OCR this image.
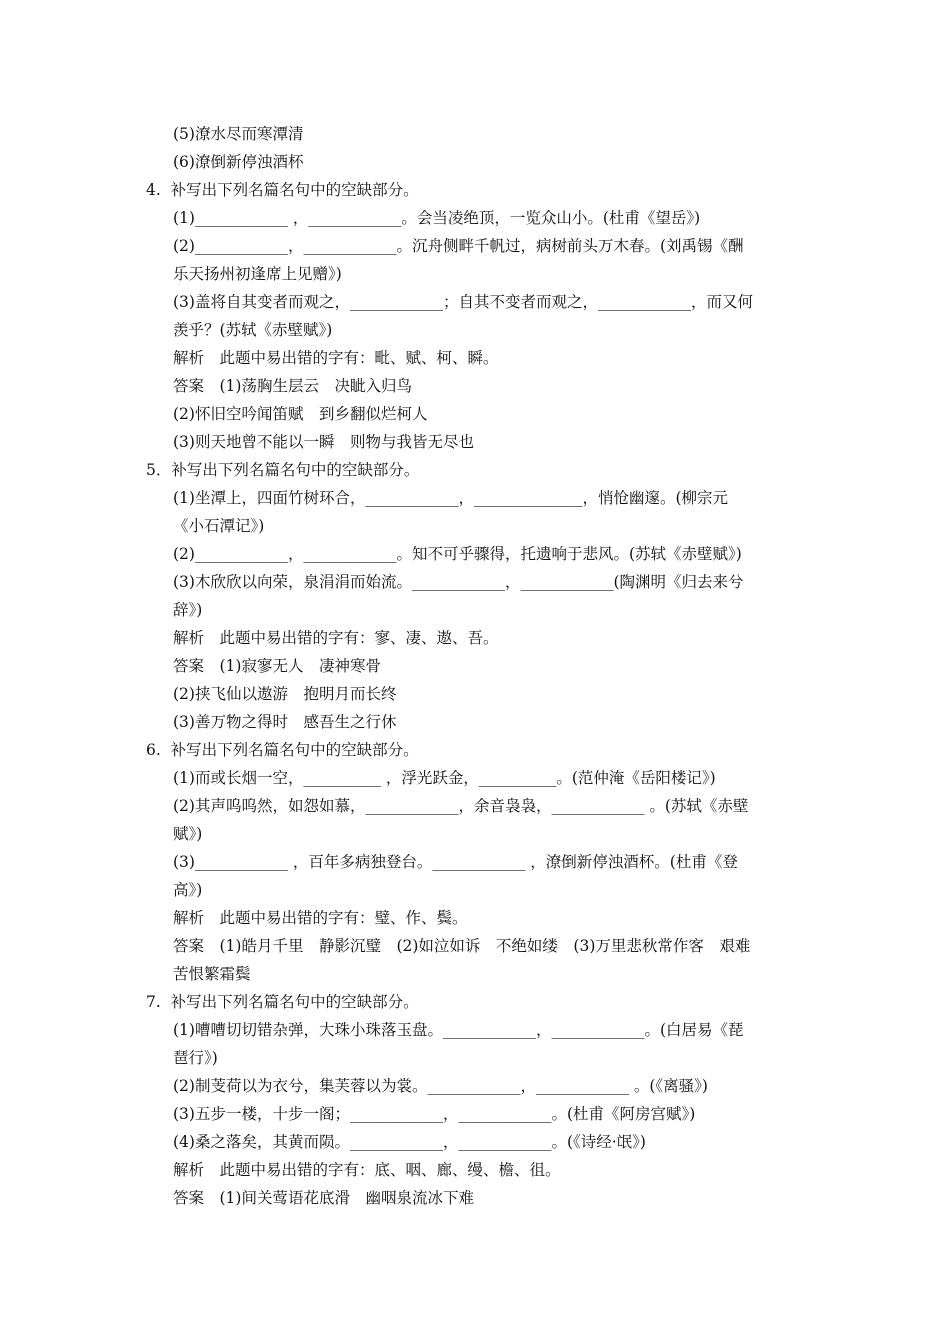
(5)潦水尽而寒潭清
(6)潦倒新停浊酒杯
4.  补写出下列名篇名句中的空缺部分。
(1)____________ ，____________。会当凌绝顶，一览众山小。(杜甫《望岳》)
(2)____________，____________。沉舟侧畔千帆过，病树前头万木春。(刘禹锡《酬
乐天扬州初逢席上见赠》)
(3)盖将自其变者而观之，____________；自其不变者而观之，____________，而又何
羡乎？(苏轼《赤壁赋》)
解析　此题中易出错的字有：毗、赋、柯、瞬。
答案　(1)荡胸生层云　决眦入归鸟
(2)怀旧空吟闻笛赋　到乡翻似烂柯人
(3)则天地曾不能以一瞬　则物与我皆无尽也
5．补写出下列名篇名句中的空缺部分。
(1)坐潭上，四面竹树环合，____________，______________，悄怆幽邃。(柳宗元
《小石潭记》)
(2)____________，____________。知不可乎骤得，托遗响于悲风。(苏轼《赤壁赋》)
(3)木欣欣以向荣，泉涓涓而始流。____________，____________(陶渊明《归去来兮
辞》)
解析　此题中易出错的字有：寥、凄、遨、吾。
答案　(1)寂寥无人　凄神寒骨
(2)挟飞仙以遨游　抱明月而长终
(3)善万物之得时　感吾生之行休
6.  补写出下列名篇名句中的空缺部分。
(1)而或长烟一空，__________ ，浮光跃金，__________。(范仲淹《岳阳楼记》)
(2)其声呜呜然，如怨如慕，____________，余音袅袅，____________ 。(苏轼《赤壁
赋》)
(3)____________ ，百年多病独登台。____________ ，潦倒新停浊酒杯。(杜甫《登
高》)
解析　此题中易出错的字有：璧、作、鬓。
答案　(1)皓月千里　静影沉璧　(2)如泣如诉　不绝如缕　(3)万里悲秋常作客　艰难
苦恨繁霜鬓
7.  补写出下列名篇名句中的空缺部分。
(1)嘈嘈切切错杂弹，大珠小珠落玉盘。____________，____________。(白居易《琵
琶行》)
(2)制芰荷以为衣兮，集芙蓉以为裳。____________，____________ 。(《离骚》)
(3)五步一楼，十步一阁；____________，____________。(杜甫《阿房宫赋》)
(4)桑之落矣，其黄而陨。____________，____________。(《诗经·氓》)
解析　此题中易出错的字有：底、咽、廊、缦、檐、徂。
答案　(1)间关莺语花底滑　幽咽泉流冰下难
